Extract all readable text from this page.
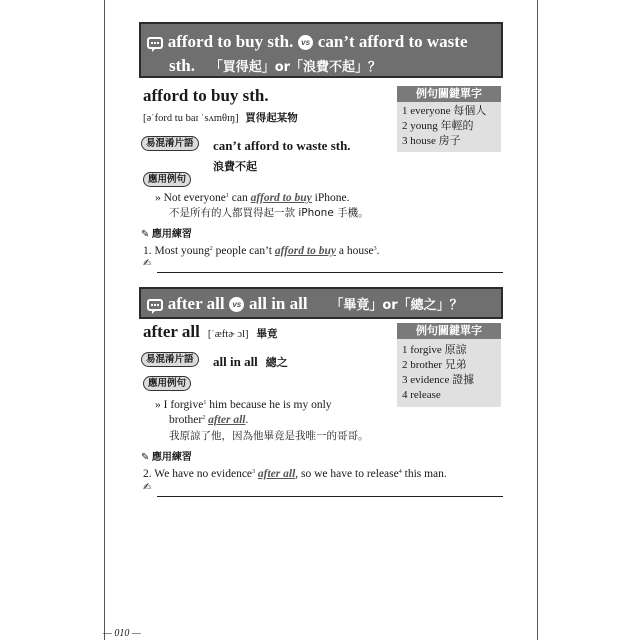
afford to buy sth. vs can’t afford to waste
sth. 「買得起」or「浪費不起」？
afford to buy sth.
[əˈford tu baɪ ˈsʌmθɪŋ] 買得起某物
例句關鍵單字
1 everyone 每個人
2 young 年輕的
3 house 房子
易混淆片語	can’t afford to waste sth.
浪費不起
應用例句
» Not everyone$^1$ can afford to buy iPhone.
不是所有的人都買得起一款 iPhone 手機。
✎ 應用練習
1. Most young$^2$ people can’t afford to buy a house$^3$.
✍
after all vs all in all 「畢竟」or「總之」？
after all [ˈæftɚ ɔl] 畢竟	例句關鍵單字
1 forgive 原諒
2 brother 兄弟
3 evidence 證據
4 release
易混淆片語	all in all 總之
應用例句
» I forgive$^1$ him because he is my only
brother$^2$ after all.
我原諒了他，因為他畢竟是我唯一的哥哥。
✎ 應用練習
2. We have no evidence$^3$ after all, so we have to release$^4$ this man.
✍
— 010 —
